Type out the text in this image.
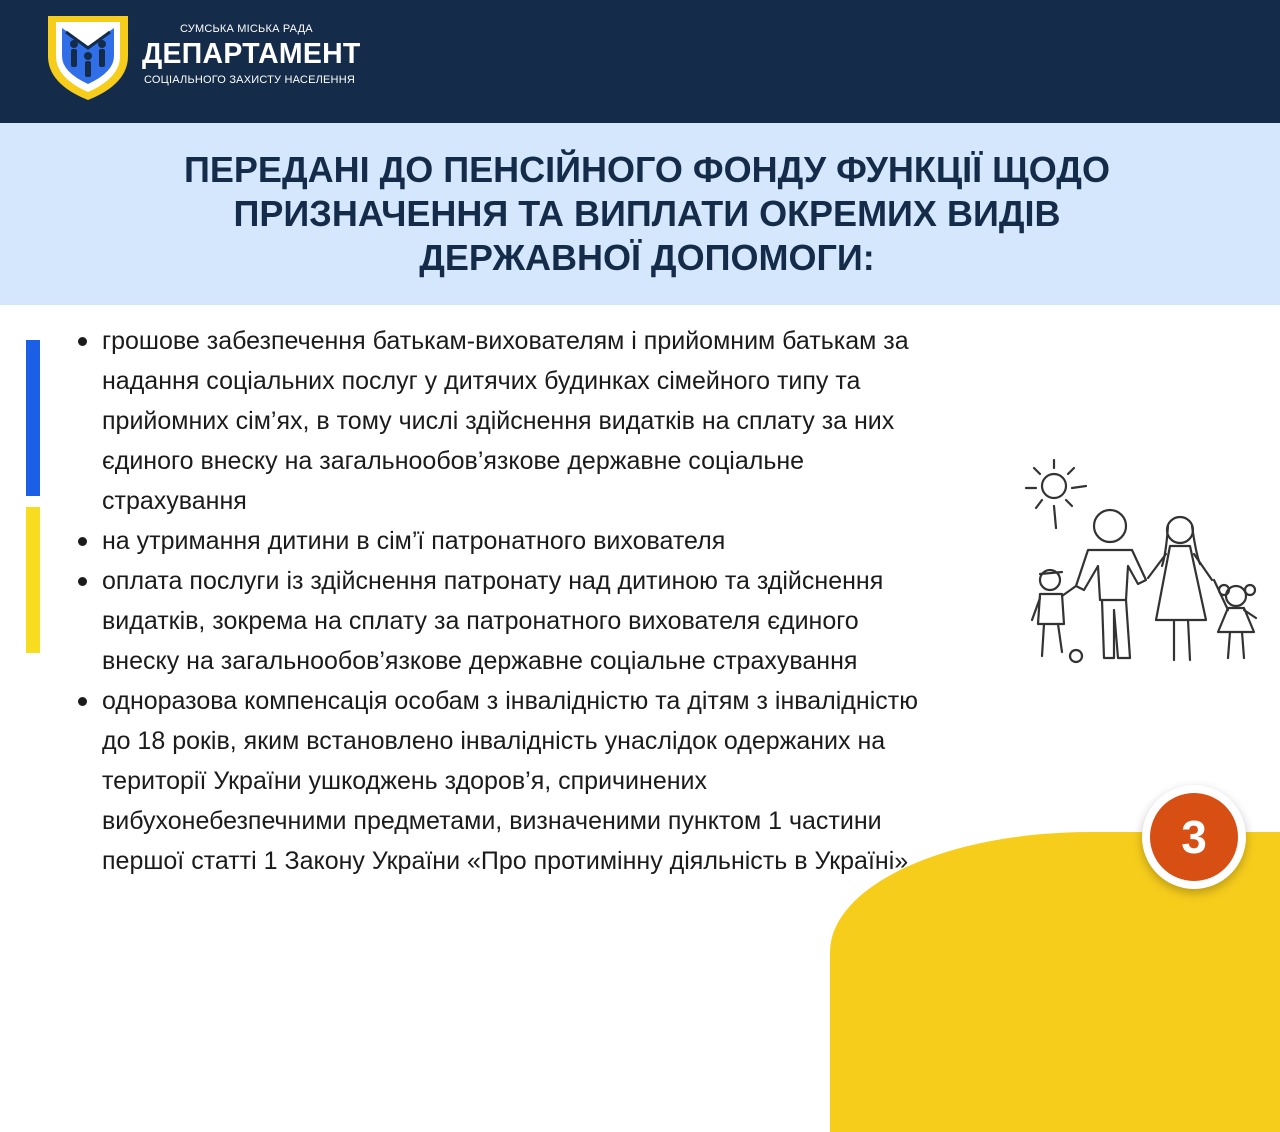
СУМСЬКА МІСЬКА РАДА
ДЕПАРТАМЕНТ
СОЦІАЛЬНОГО ЗАХИСТУ НАСЕЛЕННЯ
ПЕРЕДАНІ ДО ПЕНСІЙНОГО ФОНДУ ФУНКЦІЇ ЩОДО
ПРИЗНАЧЕННЯ ТА ВИПЛАТИ ОКРЕМИХ ВИДІВ
ДЕРЖАВНОЇ ДОПОМОГИ:
грошове забезпечення батькам-вихователям і прийомним батькам за
надання соціальних послуг у дитячих будинках сімейного типу та
прийомних сім’ях, в тому числі здійснення видатків на сплату за них
єдиного внеску на загальнообов’язкове державне соціальне
страхування
на утримання дитини в сім’ї патронатного вихователя
оплата послуги із здійснення патронату над дитиною та здійснення
видатків, зокрема на сплату за патронатного вихователя єдиного
внеску на загальнообов’язкове державне соціальне страхування
одноразова компенсація особам з інвалідністю та дітям з інвалідністю
до 18 років, яким встановлено інвалідність унаслідок одержаних на
території України ушкоджень здоров’я, спричинених
вибухонебезпечними предметами, визначеними пунктом 1 частини
першої статті 1 Закону України «Про протимінну діяльність в Україні»	3
